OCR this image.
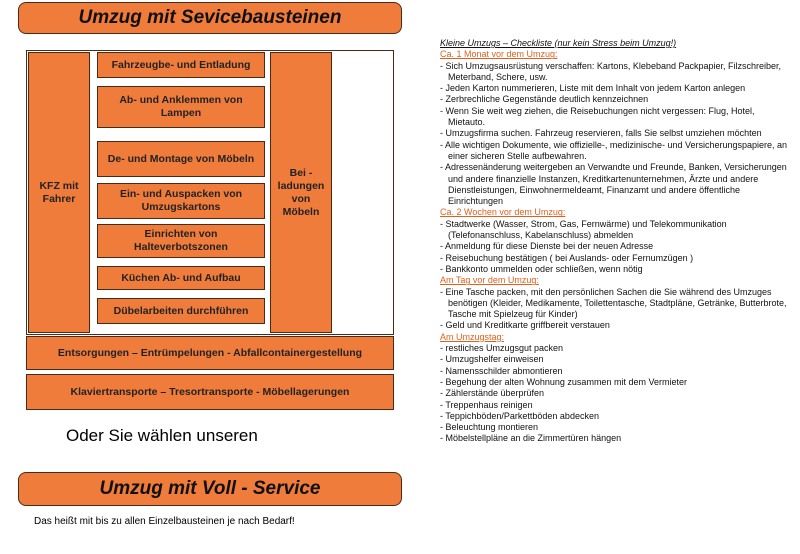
Umzug mit Sevicebausteinen
KFZ mit Fahrer
Bei - ladungen von Möbeln
Fahrzeugbe- und Entladung
Ab- und Anklemmen von Lampen
De- und Montage von Möbeln
Ein- und Auspacken von Umzugskartons
Einrichten von Halteverbotszonen
Küchen Ab- und Aufbau
Dübelarbeiten durchführen
Entsorgungen – Entrümpelungen - Abfallcontainergestellung
Klaviertransporte – Tresortransporte - Möbellagerungen
Oder Sie wählen unseren
Umzug mit Voll - Service
Das heißt mit bis zu allen Einzelbausteinen je nach Bedarf!
Kleine Umzugs – Checkliste (nur kein Stress beim Umzug!)
Ca. 1 Monat vor dem Umzug:
- Sich Umzugsausrüstung verschaffen: Kartons, Klebeband Packpapier, Filzschreiber, Meterband, Schere, usw.
- Jeden Karton nummerieren, Liste mit dem Inhalt von jedem Karton anlegen
- Zerbrechliche Gegenstände deutlich kennzeichnen
- Wenn Sie weit weg ziehen, die Reisebuchungen nicht vergessen: Flug, Hotel, Mietauto.
- Umzugsfirma suchen. Fahrzeug reservieren, falls Sie selbst umziehen möchten
- Alle wichtigen Dokumente, wie offizielle-, medizinische- und Versicherungspapiere, an einer sicheren Stelle aufbewahren.
- Adressenänderung weitergeben an Verwandte und Freunde, Banken, Versicherungen und andere finanzielle Instanzen, Kreditkartenunternehmen, Ärzte und andere Dienstleistungen, Einwohnermeldeamt, Finanzamt und andere öffentliche Einrichtungen
Ca. 2 Wochen vor dem Umzug:
- Stadtwerke (Wasser, Strom, Gas, Fernwärme) und Telekommunikation (Telefonanschluss, Kabelanschluss) abmelden
- Anmeldung für diese Dienste bei der neuen Adresse
- Reisebuchung bestätigen ( bei Auslands- oder Fernumzügen )
- Bankkonto ummelden oder schließen, wenn nötig
Am Tag vor dem Umzug:
- Eine Tasche packen, mit den persönlichen Sachen die Sie während des Umzuges benötigen (Kleider, Medikamente, Toilettentasche, Stadtpläne, Getränke, Butterbrote, Tasche mit Spielzeug für Kinder)
- Geld und Kreditkarte griffbereit verstauen
Am Umzugstag:
- restliches Umzugsgut packen
- Umzugshelfer einweisen
- Namensschilder abmontieren
- Begehung der alten Wohnung zusammen mit dem Vermieter
- Zählerstände überprüfen
- Treppenhaus reinigen
- Teppichböden/Parkettböden abdecken
- Beleuchtung montieren
- Möbelstellpläne an die Zimmertüren hängen
